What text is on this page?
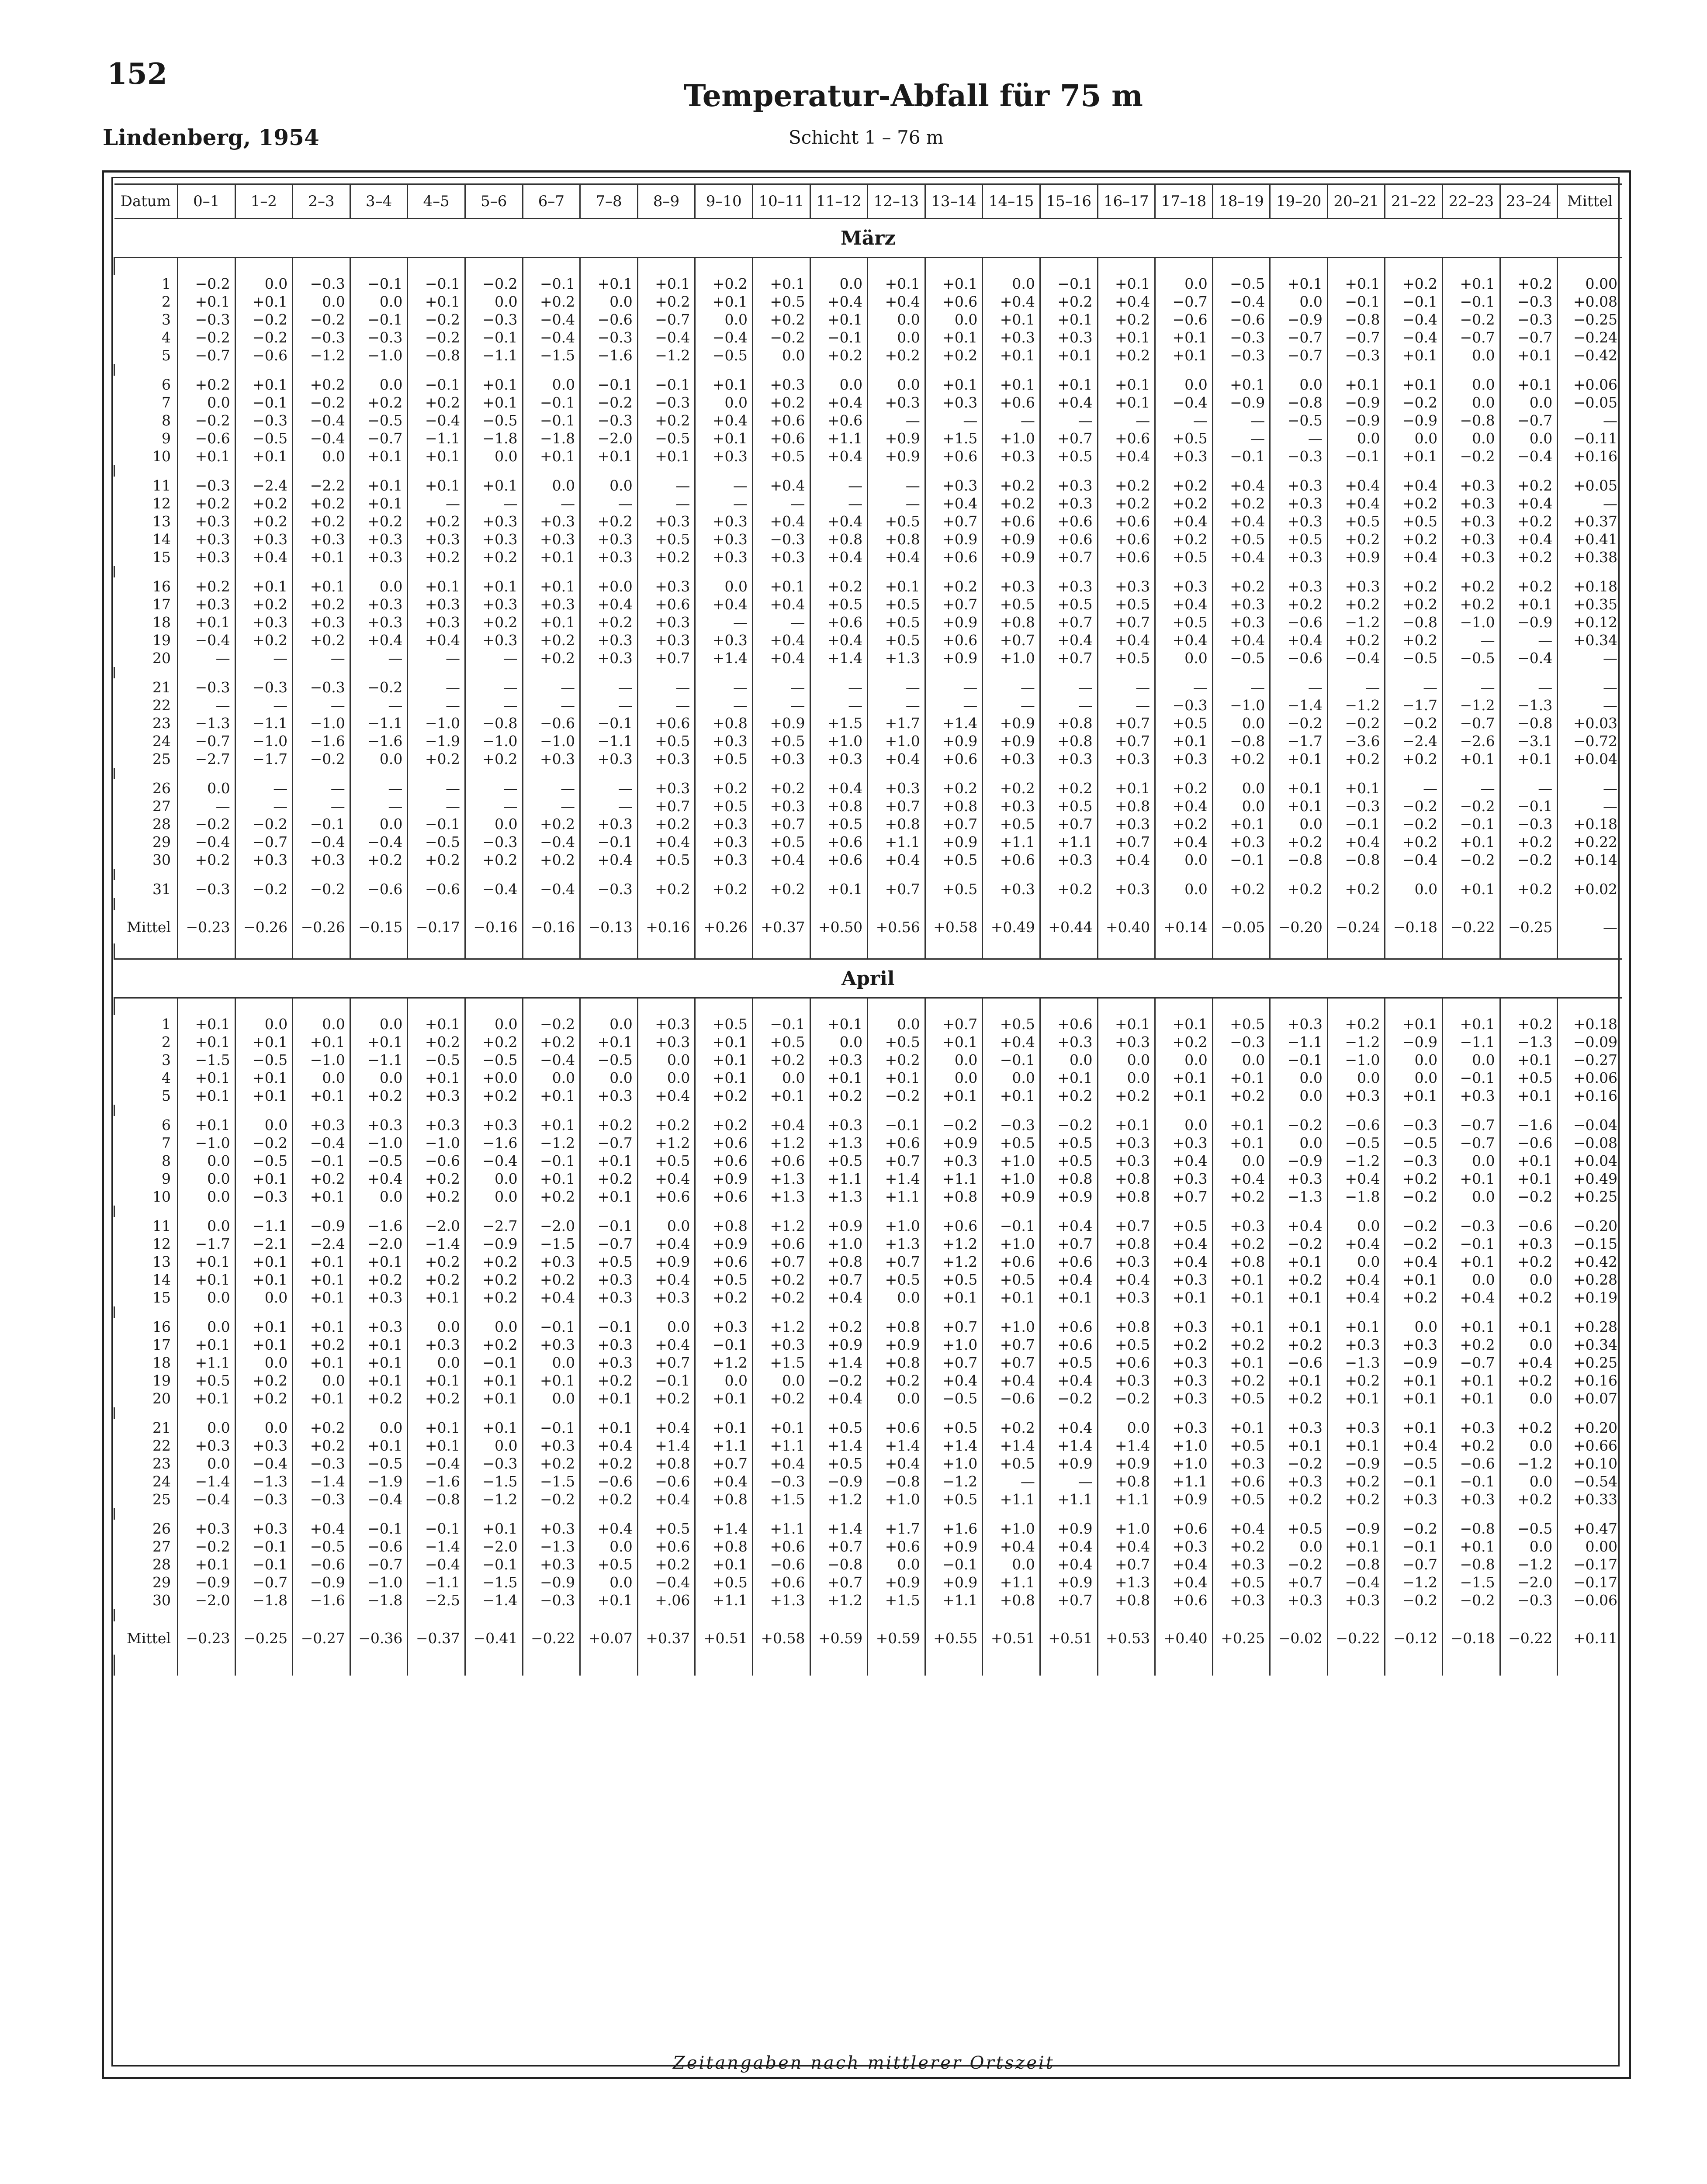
152
Lindenberg, 1954
Temperatur-Abfall für 75 m
Schicht 1 – 76 m
Datum	0–1	1–2	2–3	3–4	4–5	5–6	6–7	7–8	8–9	9–10	10–11	11–12	12–13	13–14	14–15	15–16	16–17	17–18	18–19	19–20	20–21	21–22	22–23	23–24	Mittel
März																									

1	−0.2	0.0	−0.3	−0.1	−0.1	−0.2	−0.1	+0.1	+0.1	+0.2	+0.1	0.0	+0.1	+0.1	0.0	−0.1	+0.1	0.0	−0.5	+0.1	+0.1	+0.2	+0.1	+0.2	0.00
2	+0.1	+0.1	0.0	0.0	+0.1	0.0	+0.2	0.0	+0.2	+0.1	+0.5	+0.4	+0.4	+0.6	+0.4	+0.2	+0.4	−0.7	−0.4	0.0	−0.1	−0.1	−0.1	−0.3	+0.08
3	−0.3	−0.2	−0.2	−0.1	−0.2	−0.3	−0.4	−0.6	−0.7	0.0	+0.2	+0.1	0.0	0.0	+0.1	+0.1	+0.2	−0.6	−0.6	−0.9	−0.8	−0.4	−0.2	−0.3	−0.25
4	−0.2	−0.2	−0.3	−0.3	−0.2	−0.1	−0.4	−0.3	−0.4	−0.4	−0.2	−0.1	0.0	+0.1	+0.3	+0.3	+0.1	+0.1	−0.3	−0.7	−0.7	−0.4	−0.7	−0.7	−0.24
5	−0.7	−0.6	−1.2	−1.0	−0.8	−1.1	−1.5	−1.6	−1.2	−0.5	0.0	+0.2	+0.2	+0.2	+0.1	+0.1	+0.2	+0.1	−0.3	−0.7	−0.3	+0.1	0.0	+0.1	−0.42

6	+0.2	+0.1	+0.2	0.0	−0.1	+0.1	0.0	−0.1	−0.1	+0.1	+0.3	0.0	0.0	+0.1	+0.1	+0.1	+0.1	0.0	+0.1	0.0	+0.1	+0.1	0.0	+0.1	+0.06
7	0.0	−0.1	−0.2	+0.2	+0.2	+0.1	−0.1	−0.2	−0.3	0.0	+0.2	+0.4	+0.3	+0.3	+0.6	+0.4	+0.1	−0.4	−0.9	−0.8	−0.9	−0.2	0.0	0.0	−0.05
8	−0.2	−0.3	−0.4	−0.5	−0.4	−0.5	−0.1	−0.3	+0.2	+0.4	+0.6	+0.6	—	—	—	—	—	—	—	−0.5	−0.9	−0.9	−0.8	−0.7	—
9	−0.6	−0.5	−0.4	−0.7	−1.1	−1.8	−1.8	−2.0	−0.5	+0.1	+0.6	+1.1	+0.9	+1.5	+1.0	+0.7	+0.6	+0.5	—	—	0.0	0.0	0.0	0.0	−0.11
10	+0.1	+0.1	0.0	+0.1	+0.1	0.0	+0.1	+0.1	+0.1	+0.3	+0.5	+0.4	+0.9	+0.6	+0.3	+0.5	+0.4	+0.3	−0.1	−0.3	−0.1	+0.1	−0.2	−0.4	+0.16

11	−0.3	−2.4	−2.2	+0.1	+0.1	+0.1	0.0	0.0	—	—	+0.4	—	—	+0.3	+0.2	+0.3	+0.2	+0.2	+0.4	+0.3	+0.4	+0.4	+0.3	+0.2	+0.05
12	+0.2	+0.2	+0.2	+0.1	—	—	—	—	—	—	—	—	—	+0.4	+0.2	+0.3	+0.2	+0.2	+0.2	+0.3	+0.4	+0.2	+0.3	+0.4	—
13	+0.3	+0.2	+0.2	+0.2	+0.2	+0.3	+0.3	+0.2	+0.3	+0.3	+0.4	+0.4	+0.5	+0.7	+0.6	+0.6	+0.6	+0.4	+0.4	+0.3	+0.5	+0.5	+0.3	+0.2	+0.37
14	+0.3	+0.3	+0.3	+0.3	+0.3	+0.3	+0.3	+0.3	+0.5	+0.3	−0.3	+0.8	+0.8	+0.9	+0.9	+0.6	+0.6	+0.2	+0.5	+0.5	+0.2	+0.2	+0.3	+0.4	+0.41
15	+0.3	+0.4	+0.1	+0.3	+0.2	+0.2	+0.1	+0.3	+0.2	+0.3	+0.3	+0.4	+0.4	+0.6	+0.9	+0.7	+0.6	+0.5	+0.4	+0.3	+0.9	+0.4	+0.3	+0.2	+0.38

16	+0.2	+0.1	+0.1	0.0	+0.1	+0.1	+0.1	+0.0	+0.3	0.0	+0.1	+0.2	+0.1	+0.2	+0.3	+0.3	+0.3	+0.3	+0.2	+0.3	+0.3	+0.2	+0.2	+0.2	+0.18
17	+0.3	+0.2	+0.2	+0.3	+0.3	+0.3	+0.3	+0.4	+0.6	+0.4	+0.4	+0.5	+0.5	+0.7	+0.5	+0.5	+0.5	+0.4	+0.3	+0.2	+0.2	+0.2	+0.2	+0.1	+0.35
18	+0.1	+0.3	+0.3	+0.3	+0.3	+0.2	+0.1	+0.2	+0.3	—	—	+0.6	+0.5	+0.9	+0.8	+0.7	+0.7	+0.5	+0.3	−0.6	−1.2	−0.8	−1.0	−0.9	+0.12
19	−0.4	+0.2	+0.2	+0.4	+0.4	+0.3	+0.2	+0.3	+0.3	+0.3	+0.4	+0.4	+0.5	+0.6	+0.7	+0.4	+0.4	+0.4	+0.4	+0.4	+0.2	+0.2	—	—	+0.34
20	—	—	—	—	—	—	+0.2	+0.3	+0.7	+1.4	+0.4	+1.4	+1.3	+0.9	+1.0	+0.7	+0.5	0.0	−0.5	−0.6	−0.4	−0.5	−0.5	−0.4	—

21	−0.3	−0.3	−0.3	−0.2	—	—	—	—	—	—	—	—	—	—	—	—	—	—	—	—	—	—	—	—	—
22	—	—	—	—	—	—	—	—	—	—	—	—	—	—	—	—	—	−0.3	−1.0	−1.4	−1.2	−1.7	−1.2	−1.3	—
23	−1.3	−1.1	−1.0	−1.1	−1.0	−0.8	−0.6	−0.1	+0.6	+0.8	+0.9	+1.5	+1.7	+1.4	+0.9	+0.8	+0.7	+0.5	0.0	−0.2	−0.2	−0.2	−0.7	−0.8	+0.03
24	−0.7	−1.0	−1.6	−1.6	−1.9	−1.0	−1.0	−1.1	+0.5	+0.3	+0.5	+1.0	+1.0	+0.9	+0.9	+0.8	+0.7	+0.1	−0.8	−1.7	−3.6	−2.4	−2.6	−3.1	−0.72
25	−2.7	−1.7	−0.2	0.0	+0.2	+0.2	+0.3	+0.3	+0.3	+0.5	+0.3	+0.3	+0.4	+0.6	+0.3	+0.3	+0.3	+0.3	+0.2	+0.1	+0.2	+0.2	+0.1	+0.1	+0.04

26	0.0	—	—	—	—	—	—	—	+0.3	+0.2	+0.2	+0.4	+0.3	+0.2	+0.2	+0.2	+0.1	+0.2	0.0	+0.1	+0.1	—	—	—	—
27	—	—	—	—	—	—	—	—	+0.7	+0.5	+0.3	+0.8	+0.7	+0.8	+0.3	+0.5	+0.8	+0.4	0.0	+0.1	−0.3	−0.2	−0.2	−0.1	—
28	−0.2	−0.2	−0.1	0.0	−0.1	0.0	+0.2	+0.3	+0.2	+0.3	+0.7	+0.5	+0.8	+0.7	+0.5	+0.7	+0.3	+0.2	+0.1	0.0	−0.1	−0.2	−0.1	−0.3	+0.18
29	−0.4	−0.7	−0.4	−0.4	−0.5	−0.3	−0.4	−0.1	+0.4	+0.3	+0.5	+0.6	+1.1	+0.9	+1.1	+1.1	+0.7	+0.4	+0.3	+0.2	+0.4	+0.2	+0.1	+0.2	+0.22
30	+0.2	+0.3	+0.3	+0.2	+0.2	+0.2	+0.2	+0.4	+0.5	+0.3	+0.4	+0.6	+0.4	+0.5	+0.6	+0.3	+0.4	0.0	−0.1	−0.8	−0.8	−0.4	−0.2	−0.2	+0.14

31	−0.3	−0.2	−0.2	−0.6	−0.6	−0.4	−0.4	−0.3	+0.2	+0.2	+0.2	+0.1	+0.7	+0.5	+0.3	+0.2	+0.3	0.0	+0.2	+0.2	+0.2	0.0	+0.1	+0.2	+0.02

Mittel	−0.23	−0.26	−0.26	−0.15	−0.17	−0.16	−0.16	−0.13	+0.16	+0.26	+0.37	+0.50	+0.56	+0.58	+0.49	+0.44	+0.40	+0.14	−0.05	−0.20	−0.24	−0.18	−0.22	−0.25	—

April																									

1	+0.1	0.0	0.0	0.0	+0.1	0.0	−0.2	0.0	+0.3	+0.5	−0.1	+0.1	0.0	+0.7	+0.5	+0.6	+0.1	+0.1	+0.5	+0.3	+0.2	+0.1	+0.1	+0.2	+0.18
2	+0.1	+0.1	+0.1	+0.1	+0.2	+0.2	+0.2	+0.1	+0.3	+0.1	+0.5	0.0	+0.5	+0.1	+0.4	+0.3	+0.3	+0.2	−0.3	−1.1	−1.2	−0.9	−1.1	−1.3	−0.09
3	−1.5	−0.5	−1.0	−1.1	−0.5	−0.5	−0.4	−0.5	0.0	+0.1	+0.2	+0.3	+0.2	0.0	−0.1	0.0	0.0	0.0	0.0	−0.1	−1.0	0.0	0.0	+0.1	−0.27
4	+0.1	+0.1	0.0	0.0	+0.1	+0.0	0.0	0.0	0.0	+0.1	0.0	+0.1	+0.1	0.0	0.0	+0.1	0.0	+0.1	+0.1	0.0	0.0	0.0	−0.1	+0.5	+0.06
5	+0.1	+0.1	+0.1	+0.2	+0.3	+0.2	+0.1	+0.3	+0.4	+0.2	+0.1	+0.2	−0.2	+0.1	+0.1	+0.2	+0.2	+0.1	+0.2	0.0	+0.3	+0.1	+0.3	+0.1	+0.16

6	+0.1	0.0	+0.3	+0.3	+0.3	+0.3	+0.1	+0.2	+0.2	+0.2	+0.4	+0.3	−0.1	−0.2	−0.3	−0.2	+0.1	0.0	+0.1	−0.2	−0.6	−0.3	−0.7	−1.6	−0.04
7	−1.0	−0.2	−0.4	−1.0	−1.0	−1.6	−1.2	−0.7	+1.2	+0.6	+1.2	+1.3	+0.6	+0.9	+0.5	+0.5	+0.3	+0.3	+0.1	0.0	−0.5	−0.5	−0.7	−0.6	−0.08
8	0.0	−0.5	−0.1	−0.5	−0.6	−0.4	−0.1	+0.1	+0.5	+0.6	+0.6	+0.5	+0.7	+0.3	+1.0	+0.5	+0.3	+0.4	0.0	−0.9	−1.2	−0.3	0.0	+0.1	+0.04
9	0.0	+0.1	+0.2	+0.4	+0.2	0.0	+0.1	+0.2	+0.4	+0.9	+1.3	+1.1	+1.4	+1.1	+1.0	+0.8	+0.8	+0.3	+0.4	+0.3	+0.4	+0.2	+0.1	+0.1	+0.49
10	0.0	−0.3	+0.1	0.0	+0.2	0.0	+0.2	+0.1	+0.6	+0.6	+1.3	+1.3	+1.1	+0.8	+0.9	+0.9	+0.8	+0.7	+0.2	−1.3	−1.8	−0.2	0.0	−0.2	+0.25

11	0.0	−1.1	−0.9	−1.6	−2.0	−2.7	−2.0	−0.1	0.0	+0.8	+1.2	+0.9	+1.0	+0.6	−0.1	+0.4	+0.7	+0.5	+0.3	+0.4	0.0	−0.2	−0.3	−0.6	−0.20
12	−1.7	−2.1	−2.4	−2.0	−1.4	−0.9	−1.5	−0.7	+0.4	+0.9	+0.6	+1.0	+1.3	+1.2	+1.0	+0.7	+0.8	+0.4	+0.2	−0.2	+0.4	−0.2	−0.1	+0.3	−0.15
13	+0.1	+0.1	+0.1	+0.1	+0.2	+0.2	+0.3	+0.5	+0.9	+0.6	+0.7	+0.8	+0.7	+1.2	+0.6	+0.6	+0.3	+0.4	+0.8	+0.1	0.0	+0.4	+0.1	+0.2	+0.42
14	+0.1	+0.1	+0.1	+0.2	+0.2	+0.2	+0.2	+0.3	+0.4	+0.5	+0.2	+0.7	+0.5	+0.5	+0.5	+0.4	+0.4	+0.3	+0.1	+0.2	+0.4	+0.1	0.0	0.0	+0.28
15	0.0	0.0	+0.1	+0.3	+0.1	+0.2	+0.4	+0.3	+0.3	+0.2	+0.2	+0.4	0.0	+0.1	+0.1	+0.1	+0.3	+0.1	+0.1	+0.1	+0.4	+0.2	+0.4	+0.2	+0.19

16	0.0	+0.1	+0.1	+0.3	0.0	0.0	−0.1	−0.1	0.0	+0.3	+1.2	+0.2	+0.8	+0.7	+1.0	+0.6	+0.8	+0.3	+0.1	+0.1	+0.1	0.0	+0.1	+0.1	+0.28
17	+0.1	+0.1	+0.2	+0.1	+0.3	+0.2	+0.3	+0.3	+0.4	−0.1	+0.3	+0.9	+0.9	+1.0	+0.7	+0.6	+0.5	+0.2	+0.2	+0.2	+0.3	+0.3	+0.2	0.0	+0.34
18	+1.1	0.0	+0.1	+0.1	0.0	−0.1	0.0	+0.3	+0.7	+1.2	+1.5	+1.4	+0.8	+0.7	+0.7	+0.5	+0.6	+0.3	+0.1	−0.6	−1.3	−0.9	−0.7	+0.4	+0.25
19	+0.5	+0.2	0.0	+0.1	+0.1	+0.1	+0.1	+0.2	−0.1	0.0	0.0	−0.2	+0.2	+0.4	+0.4	+0.4	+0.3	+0.3	+0.2	+0.1	+0.2	+0.1	+0.1	+0.2	+0.16
20	+0.1	+0.2	+0.1	+0.2	+0.2	+0.1	0.0	+0.1	+0.2	+0.1	+0.2	+0.4	0.0	−0.5	−0.6	−0.2	−0.2	+0.3	+0.5	+0.2	+0.1	+0.1	+0.1	0.0	+0.07

21	0.0	0.0	+0.2	0.0	+0.1	+0.1	−0.1	+0.1	+0.4	+0.1	+0.1	+0.5	+0.6	+0.5	+0.2	+0.4	0.0	+0.3	+0.1	+0.3	+0.3	+0.1	+0.3	+0.2	+0.20
22	+0.3	+0.3	+0.2	+0.1	+0.1	0.0	+0.3	+0.4	+1.4	+1.1	+1.1	+1.4	+1.4	+1.4	+1.4	+1.4	+1.4	+1.0	+0.5	+0.1	+0.1	+0.4	+0.2	0.0	+0.66
23	0.0	−0.4	−0.3	−0.5	−0.4	−0.3	+0.2	+0.2	+0.8	+0.7	+0.4	+0.5	+0.4	+1.0	+0.5	+0.9	+0.9	+1.0	+0.3	−0.2	−0.9	−0.5	−0.6	−1.2	+0.10
24	−1.4	−1.3	−1.4	−1.9	−1.6	−1.5	−1.5	−0.6	−0.6	+0.4	−0.3	−0.9	−0.8	−1.2	—	—	+0.8	+1.1	+0.6	+0.3	+0.2	−0.1	−0.1	0.0	−0.54
25	−0.4	−0.3	−0.3	−0.4	−0.8	−1.2	−0.2	+0.2	+0.4	+0.8	+1.5	+1.2	+1.0	+0.5	+1.1	+1.1	+1.1	+0.9	+0.5	+0.2	+0.2	+0.3	+0.3	+0.2	+0.33

26	+0.3	+0.3	+0.4	−0.1	−0.1	+0.1	+0.3	+0.4	+0.5	+1.4	+1.1	+1.4	+1.7	+1.6	+1.0	+0.9	+1.0	+0.6	+0.4	+0.5	−0.9	−0.2	−0.8	−0.5	+0.47
27	−0.2	−0.1	−0.5	−0.6	−1.4	−2.0	−1.3	0.0	+0.6	+0.8	+0.6	+0.7	+0.6	+0.9	+0.4	+0.4	+0.4	+0.3	+0.2	0.0	+0.1	−0.1	+0.1	0.0	0.00
28	+0.1	−0.1	−0.6	−0.7	−0.4	−0.1	+0.3	+0.5	+0.2	+0.1	−0.6	−0.8	0.0	−0.1	0.0	+0.4	+0.7	+0.4	+0.3	−0.2	−0.8	−0.7	−0.8	−1.2	−0.17
29	−0.9	−0.7	−0.9	−1.0	−1.1	−1.5	−0.9	0.0	−0.4	+0.5	+0.6	+0.7	+0.9	+0.9	+1.1	+0.9	+1.3	+0.4	+0.5	+0.7	−0.4	−1.2	−1.5	−2.0	−0.17
30	−2.0	−1.8	−1.6	−1.8	−2.5	−1.4	−0.3	+0.1	+.06	+1.1	+1.3	+1.2	+1.5	+1.1	+0.8	+0.7	+0.8	+0.6	+0.3	+0.3	+0.3	−0.2	−0.2	−0.3	−0.06

Mittel	−0.23	−0.25	−0.27	−0.36	−0.37	−0.41	−0.22	+0.07	+0.37	+0.51	+0.58	+0.59	+0.59	+0.55	+0.51	+0.51	+0.53	+0.40	+0.25	−0.02	−0.22	−0.12	−0.18	−0.22	+0.11

Zeitangaben nach mittlerer Ortszeit
